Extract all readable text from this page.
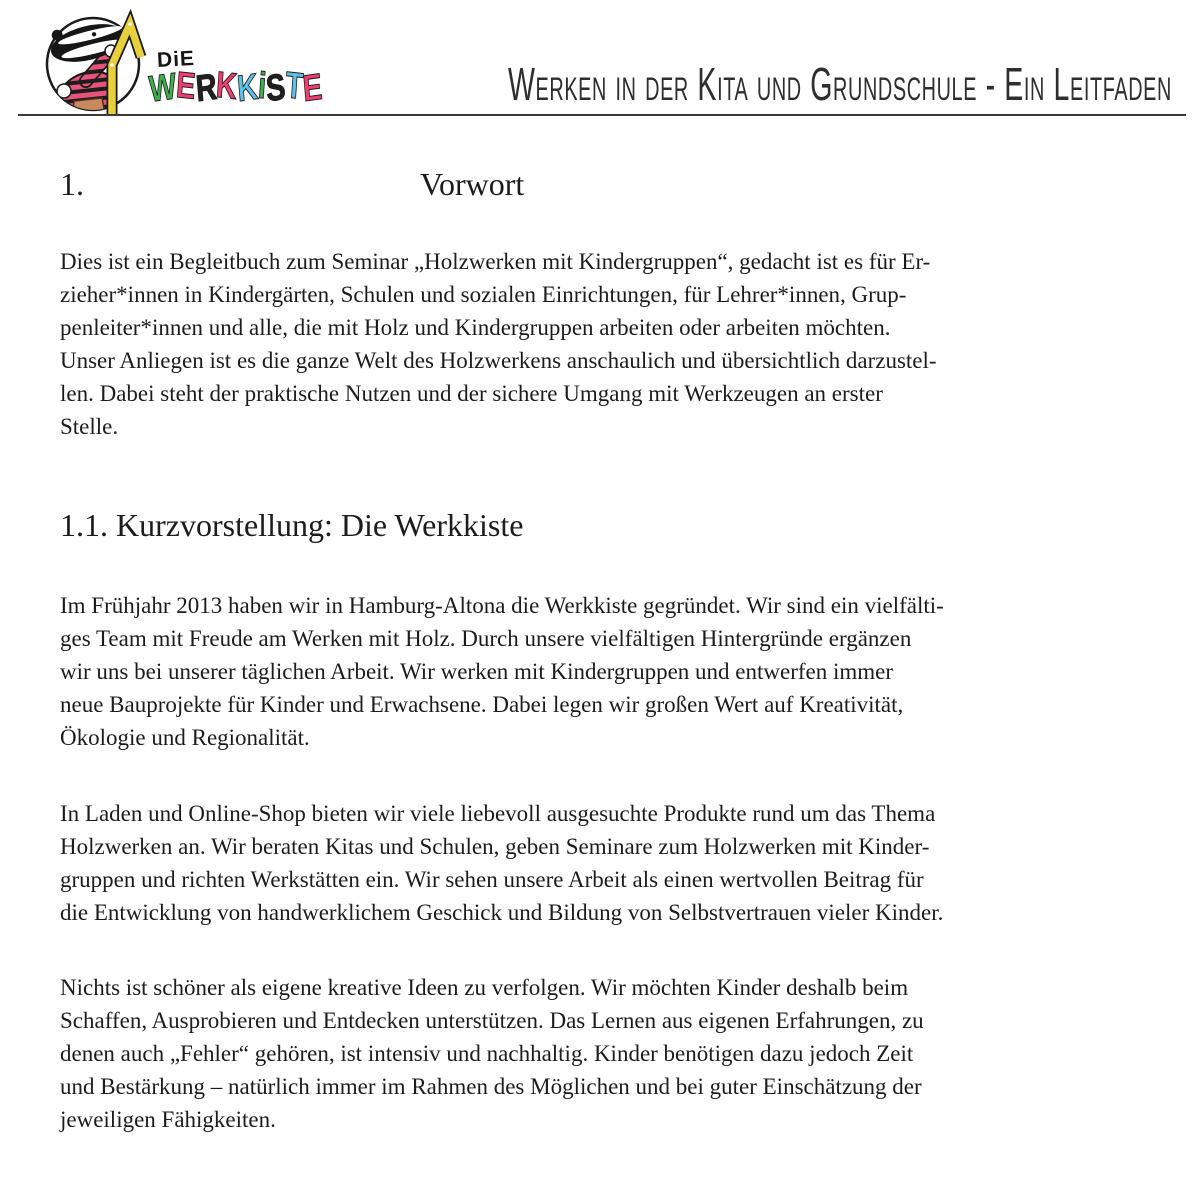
DiE
WERKKiSTE	Werken in der Kita und Grundschule - Ein Leitfaden
1.	Vorwort
Dies ist ein Begleitbuch zum Seminar „Holzwerken mit Kindergruppen“, gedacht ist es für Er-
zieher*innen in Kindergärten, Schulen und sozialen Einrichtungen, für Lehrer*innen, Grup-
penleiter*innen und alle, die mit Holz und Kindergruppen arbeiten oder arbeiten möchten.
Unser Anliegen ist es die ganze Welt des Holzwerkens anschaulich und übersichtlich darzustel-
len. Dabei steht der praktische Nutzen und der sichere Umgang mit Werkzeugen an erster
Stelle.
1.1. Kurzvorstellung: Die Werkkiste
Im Frühjahr 2013 haben wir in Hamburg-Altona die Werkkiste gegründet. Wir sind ein vielfälti-
ges Team mit Freude am Werken mit Holz. Durch unsere vielfältigen Hintergründe ergänzen
wir uns bei unserer täglichen Arbeit. Wir werken mit Kindergruppen und entwerfen immer
neue Bauprojekte für Kinder und Erwachsene. Dabei legen wir großen Wert auf Kreativität,
Ökologie und Regionalität.
In Laden und Online-Shop bieten wir viele liebevoll ausgesuchte Produkte rund um das Thema
Holzwerken an. Wir beraten Kitas und Schulen, geben Seminare zum Holzwerken mit Kinder-
gruppen und richten Werkstätten ein. Wir sehen unsere Arbeit als einen wertvollen Beitrag für
die Entwicklung von handwerklichem Geschick und Bildung von Selbstvertrauen vieler Kinder.
Nichts ist schöner als eigene kreative Ideen zu verfolgen. Wir möchten Kinder deshalb beim
Schaffen, Ausprobieren und Entdecken unterstützen. Das Lernen aus eigenen Erfahrungen, zu
denen auch „Fehler“ gehören, ist intensiv und nachhaltig. Kinder benötigen dazu jedoch Zeit
und Bestärkung – natürlich immer im Rahmen des Möglichen und bei guter Einschätzung der
jeweiligen Fähigkeiten.
